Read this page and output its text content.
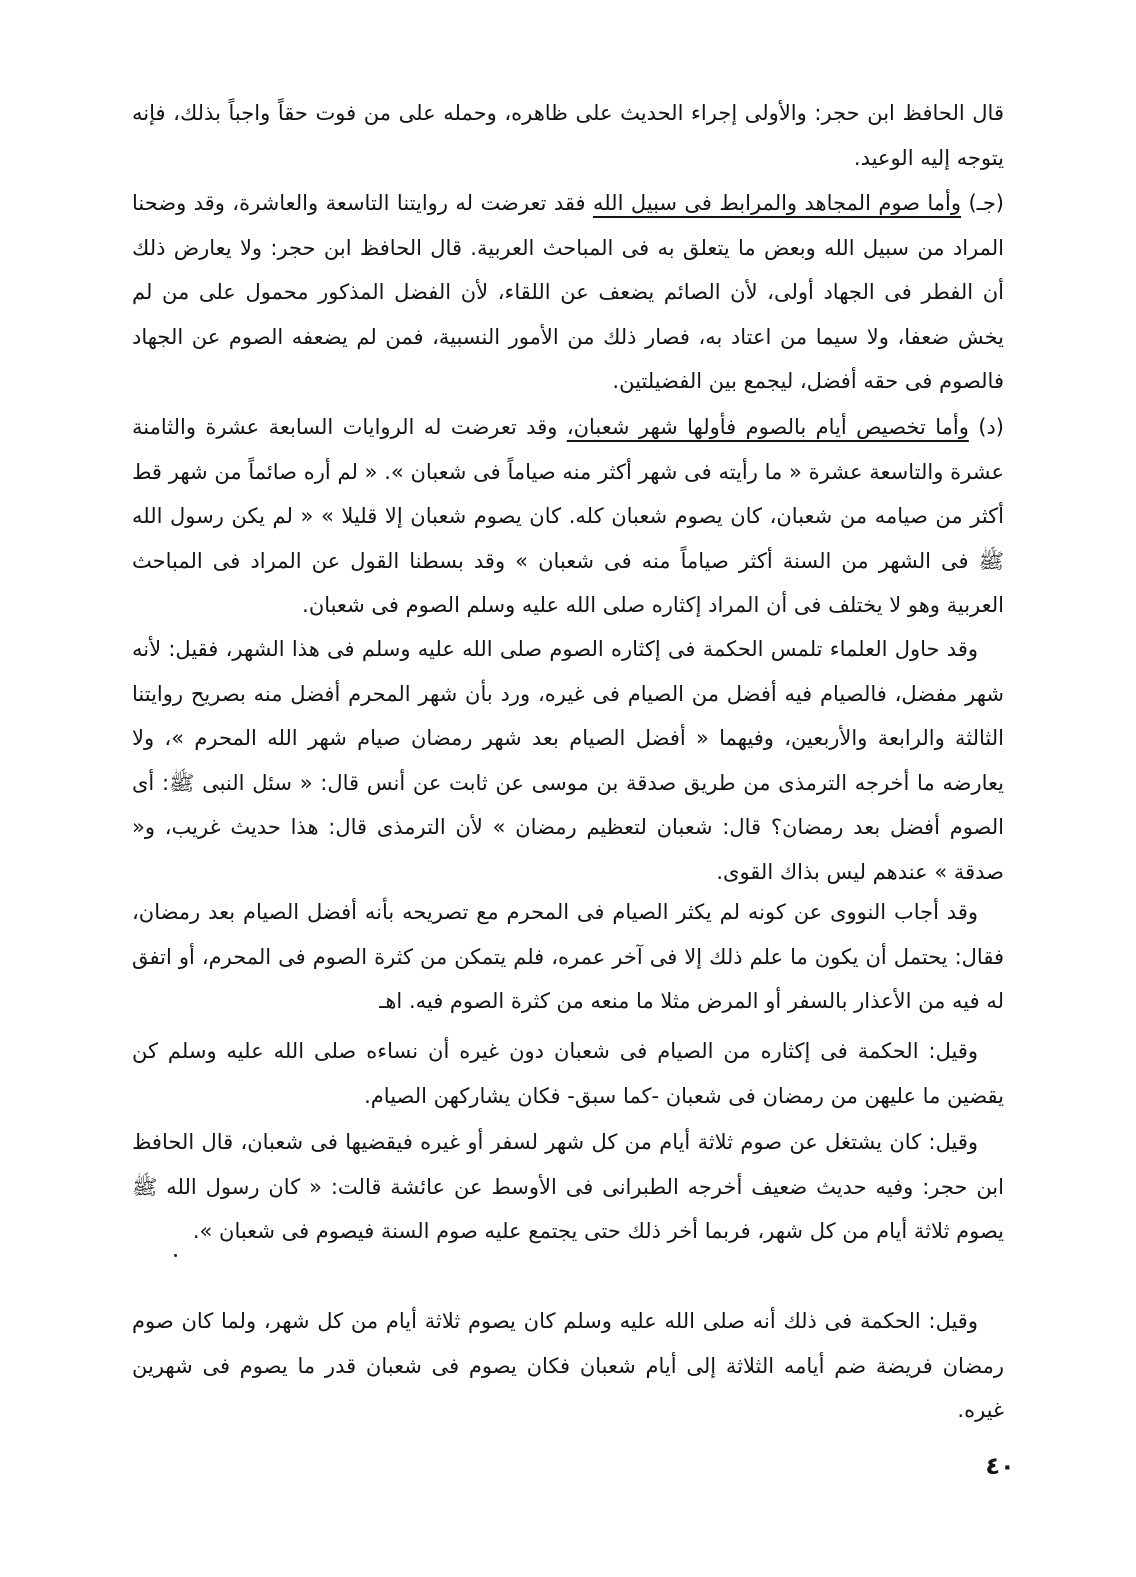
قال الحافظ ابن حجر: والأولى إجراء الحديث على ظاهره، وحمله على من فوت حقاً واجباً بذلك، فإنه يتوجه إليه الوعيد.

(جـ) وأما صوم المجاهد والمرابط فى سبيل الله فقد تعرضت له روايتنا التاسعة والعاشرة، وقد وضحنا المراد من سبيل الله وبعض ما يتعلق به فى المباحث العربية. قال الحافظ ابن حجر: ولا يعارض ذلك أن الفطر فى الجهاد أولى، لأن الصائم يضعف عن اللقاء، لأن الفضل المذكور محمول على من لم يخش ضعفا، ولا سيما من اعتاد به، فصار ذلك من الأمور النسبية، فمن لم يضعفه الصوم عن الجهاد فالصوم فى حقه أفضل، ليجمع بين الفضيلتين.

(د) وأما تخصيص أيام بالصوم فأولها شهر شعبان، وقد تعرضت له الروايات السابعة عشرة والثامنة عشرة والتاسعة عشرة « ما رأيته فى شهر أكثر منه صياماً فى شعبان ». « لم أره صائماً من شهر قط أكثر من صيامه من شعبان، كان يصوم شعبان كله. كان يصوم شعبان إلا قليلا » « لم يكن رسول الله ﷺ فى الشهر من السنة أكثر صياماً منه فى شعبان » وقد بسطنا القول عن المراد فى المباحث العربية وهو لا يختلف فى أن المراد إكثاره صلى الله عليه وسلم الصوم فى شعبان.

وقد حاول العلماء تلمس الحكمة فى إكثاره الصوم صلى الله عليه وسلم فى هذا الشهر، فقيل: لأنه شهر مفضل، فالصيام فيه أفضل من الصيام فى غيره، ورد بأن شهر المحرم أفضل منه بصريح روايتنا الثالثة والرابعة والأربعين، وفيهما « أفضل الصيام بعد شهر رمضان صيام شهر الله المحرم »، ولا يعارضه ما أخرجه الترمذى من طريق صدقة بن موسى عن ثابت عن أنس قال: « سئل النبى ﷺ: أى الصوم أفضل بعد رمضان؟ قال: شعبان لتعظيم رمضان » لأن الترمذى قال: هذا حديث غريب، و« صدقة » عندهم ليس بذاك القوى.

وقد أجاب النووى عن كونه لم يكثر الصيام فى المحرم مع تصريحه بأنه أفضل الصيام بعد رمضان، فقال: يحتمل أن يكون ما علم ذلك إلا فى آخر عمره، فلم يتمكن من كثرة الصوم فى المحرم، أو اتفق له فيه من الأعذار بالسفر أو المرض مثلا ما منعه من كثرة الصوم فيه. اهـ

وقيل: الحكمة فى إكثاره من الصيام فى شعبان دون غيره أن نساءه صلى الله عليه وسلم كن يقضين ما عليهن من رمضان فى شعبان -كما سبق- فكان يشاركهن الصيام.

وقيل: كان يشتغل عن صوم ثلاثة أيام من كل شهر لسفر أو غيره فيقضيها فى شعبان، قال الحافظ ابن حجر: وفيه حديث ضعيف أخرجه الطبرانى فى الأوسط عن عائشة قالت: « كان رسول الله ﷺ يصوم ثلاثة أيام من كل شهر، فربما أخر ذلك حتى يجتمع عليه صوم السنة فيصوم فى شعبان ».

وقيل: الحكمة فى ذلك أنه صلى الله عليه وسلم كان يصوم ثلاثة أيام من كل شهر، ولما كان صوم رمضان فريضة ضم أيامه الثلاثة إلى أيام شعبان فكان يصوم فى شعبان قدر ما يصوم فى شهرين غيره.

٤٠
